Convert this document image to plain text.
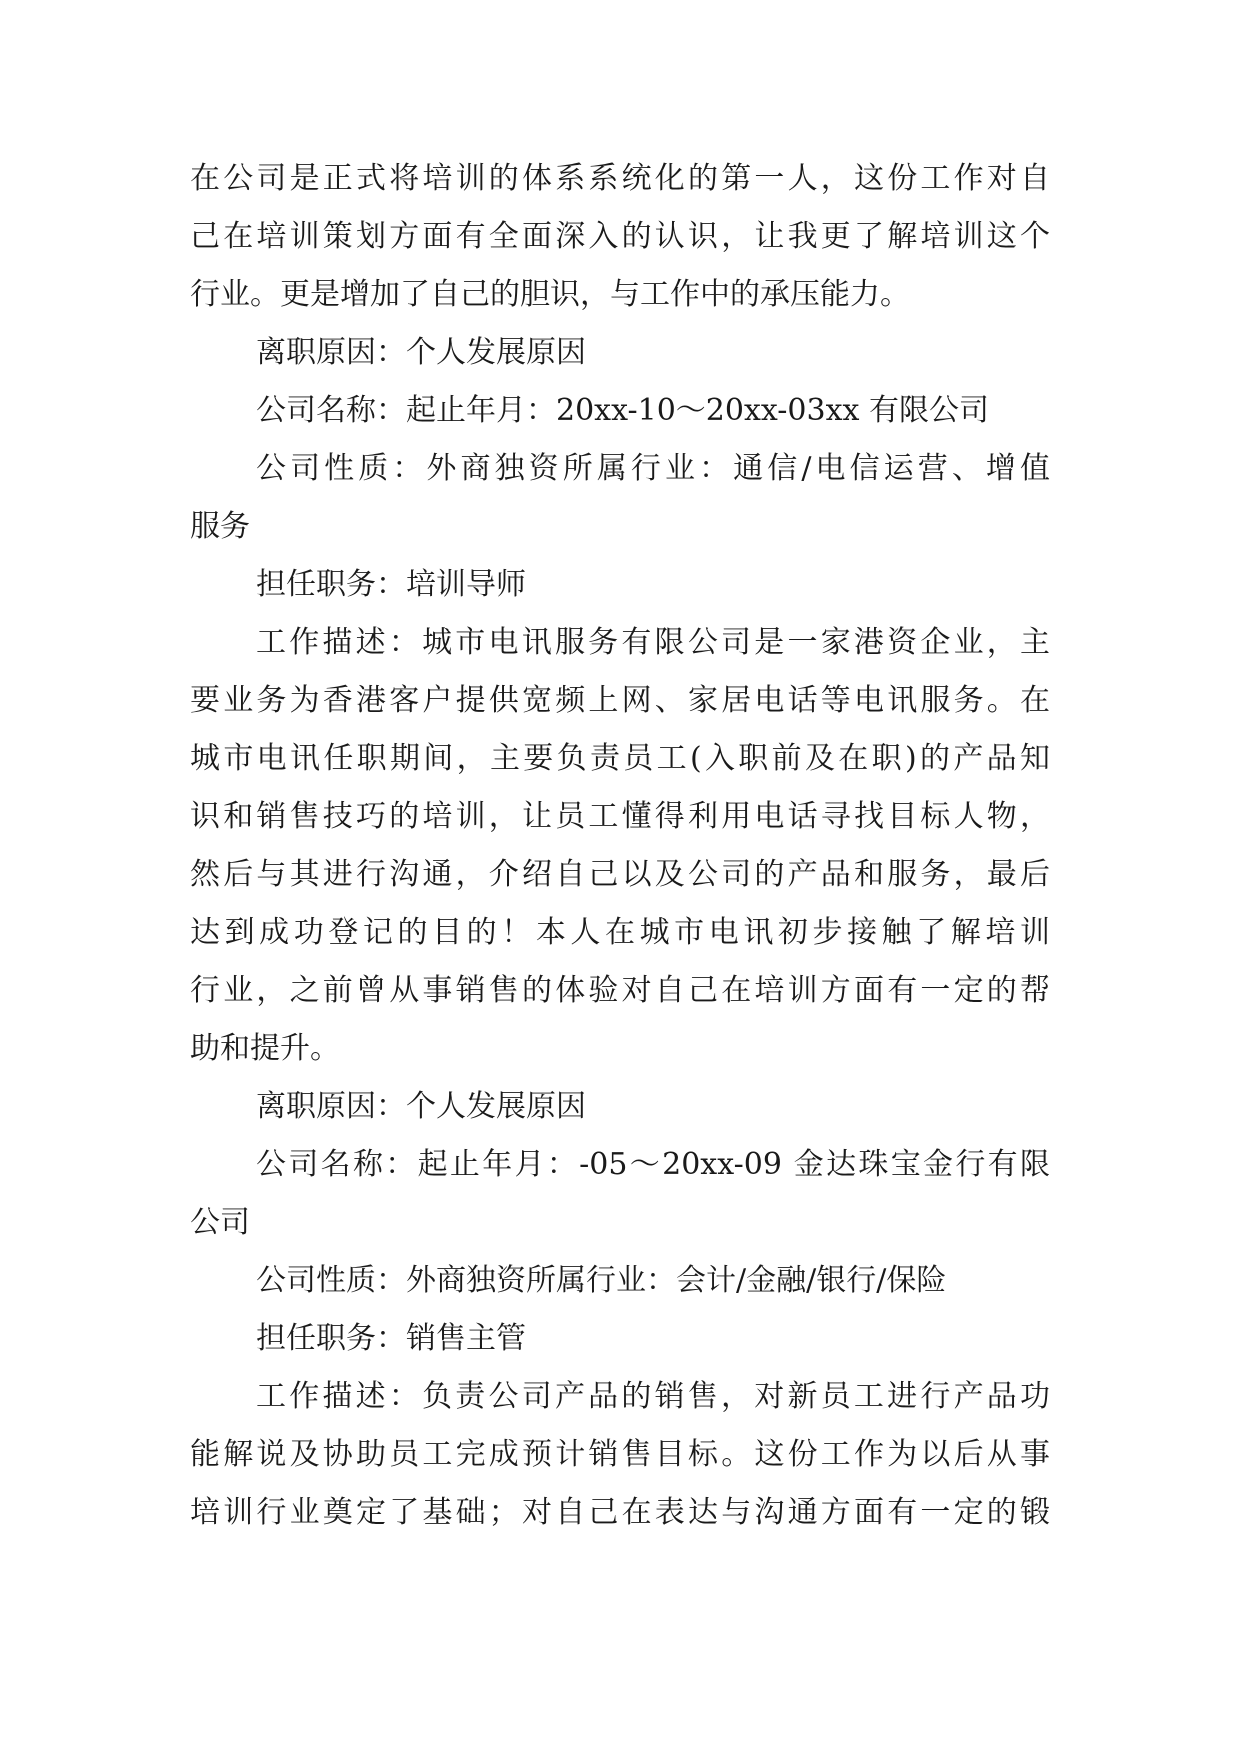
在公司是正式将培训的体系系统化的第一人，这份工作对自
己在培训策划方面有全面深入的认识，让我更了解培训这个
行业。更是增加了自己的胆识，与工作中的承压能力。
离职原因：个人发展原因
公司名称：起止年月：20xx-10～20xx-03xx 有限公司
公司性质：外商独资所属行业：通信/电信运营、增值
服务
担任职务：培训导师
工作描述：城市电讯服务有限公司是一家港资企业，主
要业务为香港客户提供宽频上网、家居电话等电讯服务。在
城市电讯任职期间，主要负责员工(入职前及在职)的产品知
识和销售技巧的培训，让员工懂得利用电话寻找目标人物，
然后与其进行沟通，介绍自己以及公司的产品和服务，最后
达到成功登记的目的！本人在城市电讯初步接触了解培训
行业，之前曾从事销售的体验对自己在培训方面有一定的帮
助和提升。
离职原因：个人发展原因
公司名称：起止年月：-05～20xx-09 金达珠宝金行有限
公司
公司性质：外商独资所属行业：会计/金融/银行/保险
担任职务：销售主管
工作描述：负责公司产品的销售，对新员工进行产品功
能解说及协助员工完成预计销售目标。这份工作为以后从事
培训行业奠定了基础；对自己在表达与沟通方面有一定的锻
